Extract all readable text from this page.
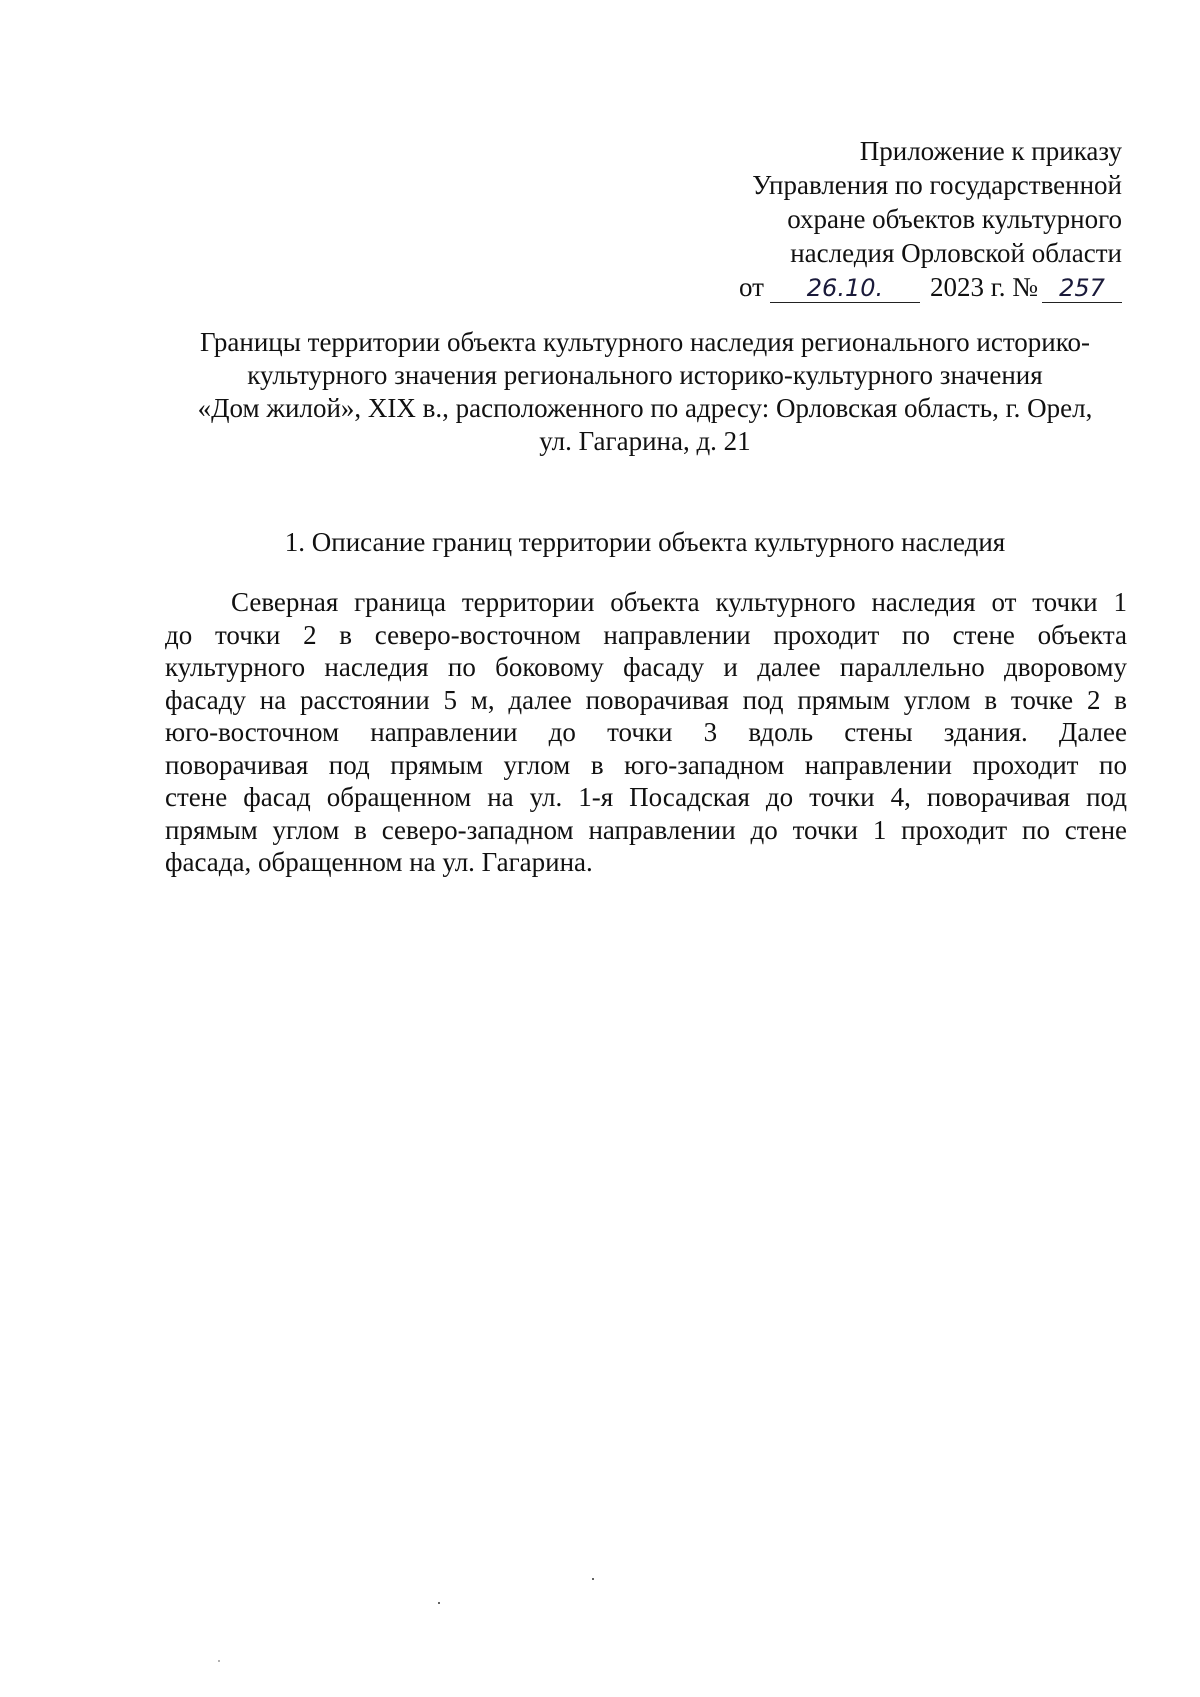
Приложение к приказу
Управления по государственной
охране объектов культурного
наследия Орловской области
от 26.10. 2023 г. № 257
Границы территории объекта культурного наследия регионального историко-
культурного значения регионального историко-культурного значения
«Дом жилой», XIX в., расположенного по адресу: Орловская область, г. Орел,
ул. Гагарина, д. 21
1. Описание границ территории объекта культурного наследия
Северная граница территории объекта культурного наследия от точки 1
до точки 2 в северо-восточном направлении проходит по стене объекта
культурного наследия по боковому фасаду и далее параллельно дворовому
фасаду на расстоянии 5 м, далее поворачивая под прямым углом в точке 2 в
юго-восточном направлении до точки 3 вдоль стены здания. Далее
поворачивая под прямым углом в юго-западном направлении проходит по
стене фасад обращенном на ул. 1-я Посадская до точки 4, поворачивая под
прямым углом в северо-западном направлении до точки 1 проходит по стене
фасада, обращенном на ул. Гагарина.
